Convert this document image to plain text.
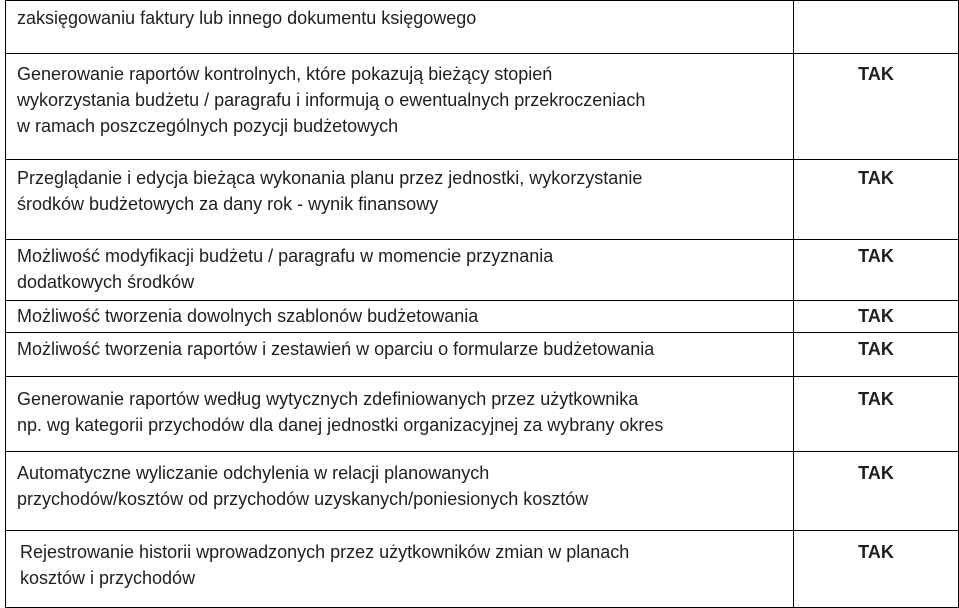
zaksięgowaniu faktury lub innego dokumentu księgowego	
Generowanie raportów kontrolnych, które pokazują bieżący stopień
wykorzystania budżetu / paragrafu i informują o ewentualnych przekroczeniach
w ramach poszczególnych pozycji budżetowych	TAK
Przeglądanie i edycja bieżąca wykonania planu przez jednostki, wykorzystanie
środków budżetowych za dany rok - wynik finansowy	TAK
Możliwość modyfikacji budżetu / paragrafu w momencie przyznania
dodatkowych środków	TAK
Możliwość tworzenia dowolnych szablonów budżetowania	TAK
Możliwość tworzenia raportów i zestawień w oparciu o formularze budżetowania	TAK
Generowanie raportów według wytycznych zdefiniowanych przez użytkownika
np. wg kategorii przychodów dla danej jednostki organizacyjnej za wybrany okres	TAK
Automatyczne wyliczanie odchylenia w relacji planowanych
przychodów/kosztów od przychodów uzyskanych/poniesionych kosztów	TAK
Rejestrowanie historii wprowadzonych przez użytkowników zmian w planach
kosztów i przychodów	TAK
